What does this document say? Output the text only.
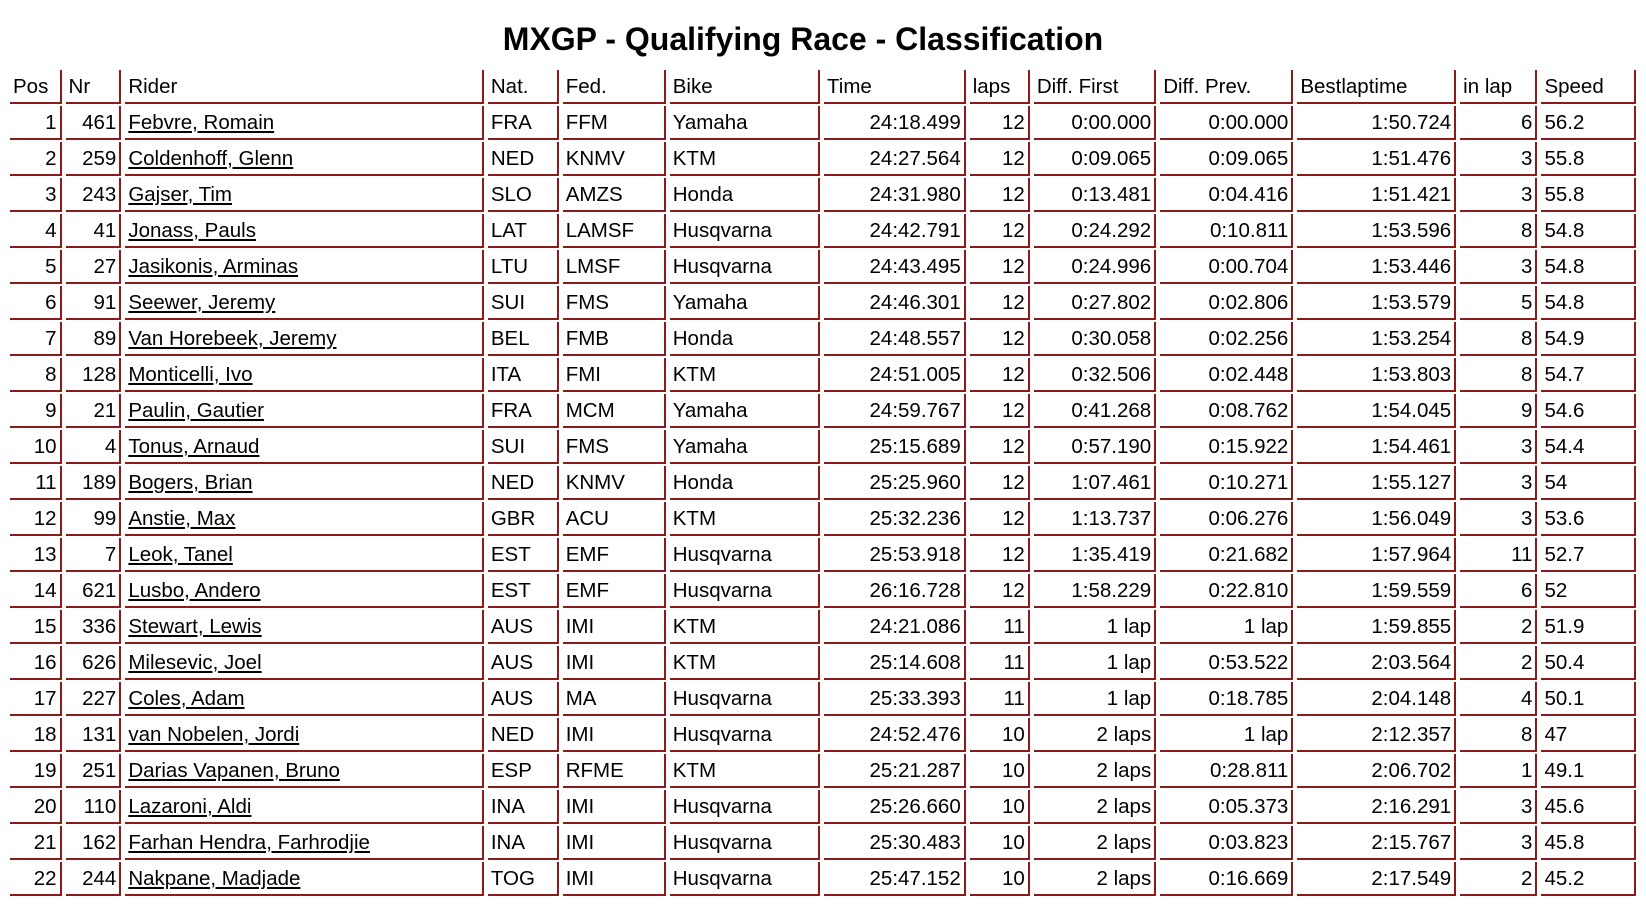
MXGP - Qualifying Race - Classification
Pos	Nr	Rider	Nat.	Fed.	Bike	Time	laps	Diff. First	Diff. Prev.	Bestlaptime	in lap	Speed
1	461	Febvre, Romain	FRA	FFM	Yamaha	24:18.499	12	0:00.000	0:00.000	1:50.724	6	56.2
2	259	Coldenhoff, Glenn	NED	KNMV	KTM	24:27.564	12	0:09.065	0:09.065	1:51.476	3	55.8
3	243	Gajser, Tim	SLO	AMZS	Honda	24:31.980	12	0:13.481	0:04.416	1:51.421	3	55.8
4	41	Jonass, Pauls	LAT	LAMSF	Husqvarna	24:42.791	12	0:24.292	0:10.811	1:53.596	8	54.8
5	27	Jasikonis, Arminas	LTU	LMSF	Husqvarna	24:43.495	12	0:24.996	0:00.704	1:53.446	3	54.8
6	91	Seewer, Jeremy	SUI	FMS	Yamaha	24:46.301	12	0:27.802	0:02.806	1:53.579	5	54.8
7	89	Van Horebeek, Jeremy	BEL	FMB	Honda	24:48.557	12	0:30.058	0:02.256	1:53.254	8	54.9
8	128	Monticelli, Ivo	ITA	FMI	KTM	24:51.005	12	0:32.506	0:02.448	1:53.803	8	54.7
9	21	Paulin, Gautier	FRA	MCM	Yamaha	24:59.767	12	0:41.268	0:08.762	1:54.045	9	54.6
10	4	Tonus, Arnaud	SUI	FMS	Yamaha	25:15.689	12	0:57.190	0:15.922	1:54.461	3	54.4
11	189	Bogers, Brian	NED	KNMV	Honda	25:25.960	12	1:07.461	0:10.271	1:55.127	3	54
12	99	Anstie, Max	GBR	ACU	KTM	25:32.236	12	1:13.737	0:06.276	1:56.049	3	53.6
13	7	Leok, Tanel	EST	EMF	Husqvarna	25:53.918	12	1:35.419	0:21.682	1:57.964	11	52.7
14	621	Lusbo, Andero	EST	EMF	Husqvarna	26:16.728	12	1:58.229	0:22.810	1:59.559	6	52
15	336	Stewart, Lewis	AUS	IMI	KTM	24:21.086	11	1 lap	1 lap	1:59.855	2	51.9
16	626	Milesevic, Joel	AUS	IMI	KTM	25:14.608	11	1 lap	0:53.522	2:03.564	2	50.4
17	227	Coles, Adam	AUS	MA	Husqvarna	25:33.393	11	1 lap	0:18.785	2:04.148	4	50.1
18	131	van Nobelen, Jordi	NED	IMI	Husqvarna	24:52.476	10	2 laps	1 lap	2:12.357	8	47
19	251	Darias Vapanen, Bruno	ESP	RFME	KTM	25:21.287	10	2 laps	0:28.811	2:06.702	1	49.1
20	110	Lazaroni, Aldi	INA	IMI	Husqvarna	25:26.660	10	2 laps	0:05.373	2:16.291	3	45.6
21	162	Farhan Hendra, Farhrodjie	INA	IMI	Husqvarna	25:30.483	10	2 laps	0:03.823	2:15.767	3	45.8
22	244	Nakpane, Madjade	TOG	IMI	Husqvarna	25:47.152	10	2 laps	0:16.669	2:17.549	2	45.2
